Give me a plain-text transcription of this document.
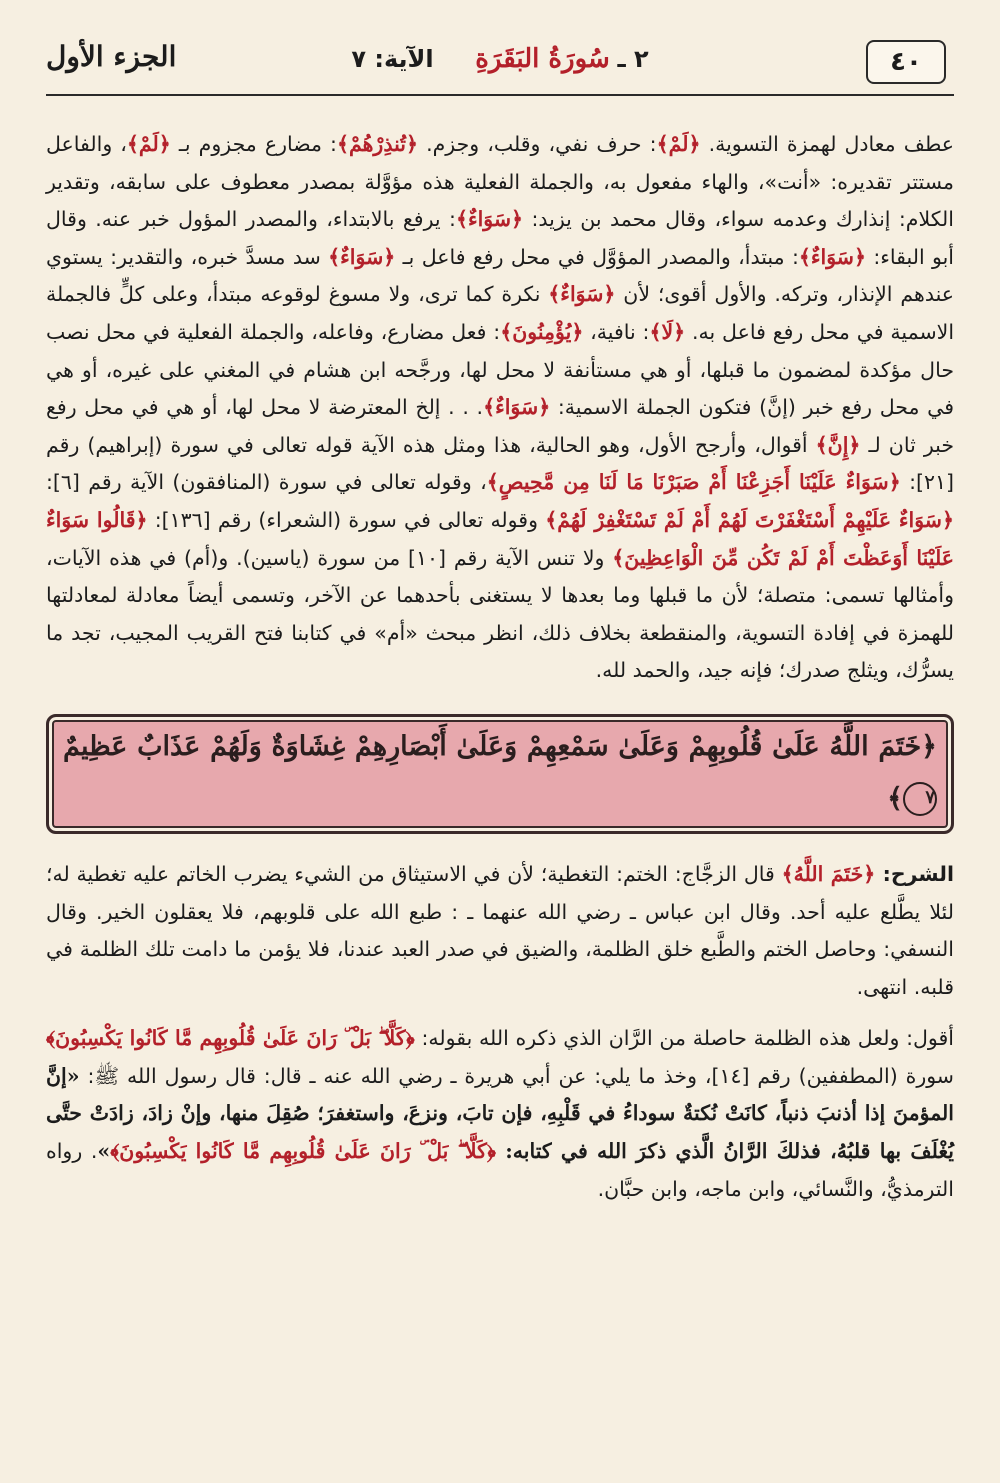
٤٠
٢ ـ سُورَةُ البَقَرَةِ الآية: ٧
الجزء الأول

عطف معادل لهمزة التسوية. ﴿لَمْ﴾: حرف نفي، وقلب، وجزم. ﴿تُنذِرْهُمْ﴾: مضارع مجزوم بـ ﴿لَمْ﴾، والفاعل مستتر تقديره: «أنت»، والهاء مفعول به، والجملة الفعلية هذه مؤوَّلة بمصدر معطوف على سابقه، وتقدير الكلام: إنذارك وعدمه سواء، وقال محمد بن يزيد: ﴿سَوَاءٌ﴾: يرفع بالابتداء، والمصدر المؤول خبر عنه. وقال أبو البقاء: ﴿سَوَاءٌ﴾: مبتدأ، والمصدر المؤوَّل في محل رفع فاعل بـ ﴿سَوَاءٌ﴾ سد مسدَّ خبره، والتقدير: يستوي عندهم الإنذار، وتركه. والأول أقوى؛ لأن ﴿سَوَاءٌ﴾ نكرة كما ترى، ولا مسوغ لوقوعه مبتدأ، وعلى كلٍّ فالجملة الاسمية في محل رفع فاعل به. ﴿لَا﴾: نافية، ﴿يُؤْمِنُونَ﴾: فعل مضارع، وفاعله، والجملة الفعلية في محل نصب حال مؤكدة لمضمون ما قبلها، أو هي مستأنفة لا محل لها، ورجَّحه ابن هشام في المغني على غيره، أو هي في محل رفع خبر (إنَّ) فتكون الجملة الاسمية: ﴿سَوَاءٌ﴾. . . إلخ المعترضة لا محل لها، أو هي في محل رفع خبر ثان لـ ﴿إِنَّ﴾ أقوال، وأرجح الأول، وهو الحالية، هذا ومثل هذه الآية قوله تعالى في سورة (إبراهيم) رقم [٢١]: ﴿سَوَاءٌ عَلَيْنَا أَجَزِعْنَا أَمْ صَبَرْنَا مَا لَنَا مِن مَّحِيصٍ﴾، وقوله تعالى في سورة (المنافقون) الآية رقم [٦]: ﴿سَوَاءٌ عَلَيْهِمْ أَسْتَغْفَرْتَ لَهُمْ أَمْ لَمْ تَسْتَغْفِرْ لَهُمْ﴾ وقوله تعالى في سورة (الشعراء) رقم [١٣٦]: ﴿قَالُوا سَوَاءٌ عَلَيْنَا أَوَعَظْتَ أَمْ لَمْ تَكُن مِّنَ الْوَاعِظِينَ﴾ ولا تنس الآية رقم [١٠] من سورة (ياسين). و(أم) في هذه الآيات، وأمثالها تسمى: متصلة؛ لأن ما قبلها وما بعدها لا يستغنى بأحدهما عن الآخر، وتسمى أيضاً معادلة لمعادلتها للهمزة في إفادة التسوية، والمنقطعة بخلاف ذلك، انظر مبحث «أم» في كتابنا فتح القريب المجيب، تجد ما يسرُّك، ويثلج صدرك؛ فإنه جيد، والحمد لله.

﴿خَتَمَ اللَّهُ عَلَىٰ قُلُوبِهِمْ وَعَلَىٰ سَمْعِهِمْ وَعَلَىٰ أَبْصَارِهِمْ غِشَاوَةٌ وَلَهُمْ عَذَابٌ عَظِيمٌ ٧﴾

الشرح: ﴿خَتَمَ اللَّهُ﴾ قال الزجَّاج: الختم: التغطية؛ لأن في الاستيثاق من الشيء يضرب الخاتم عليه تغطية له؛ لئلا يطَّلع عليه أحد. وقال ابن عباس ـ رضي الله عنهما ـ : طبع الله على قلوبهم، فلا يعقلون الخير. وقال النسفي: وحاصل الختم والطَّبع خلق الظلمة، والضيق في صدر العبد عندنا، فلا يؤمن ما دامت تلك الظلمة في قلبه. انتهى.

أقول: ولعل هذه الظلمة حاصلة من الرَّان الذي ذكره الله بقوله: ﴿كَلَّا ۖ بَلْ ۜ رَانَ عَلَىٰ قُلُوبِهِم مَّا كَانُوا يَكْسِبُونَ﴾ سورة (المطففين) رقم [١٤]، وخذ ما يلي: عن أبي هريرة ـ رضي الله عنه ـ قال: قال رسول الله ﷺ: «إنَّ المؤمنَ إذا أذنبَ ذنباً، كانَتْ نُكتةٌ سوداءُ في قَلْبِهِ، فإن تابَ، ونزعَ، واستغفرَ؛ صُقِلَ منها، وإنْ زادَ، زادَتْ حتَّى يُغْلَفَ بها قلبُهُ، فذلكَ الرَّانُ الَّذي ذكرَ الله في كتابه: ﴿كَلَّا ۖ بَلْ ۜ رَانَ عَلَىٰ قُلُوبِهِم مَّا كَانُوا يَكْسِبُونَ﴾». رواه الترمذيُّ، والنَّسائي، وابن ماجه، وابن حبَّان.
